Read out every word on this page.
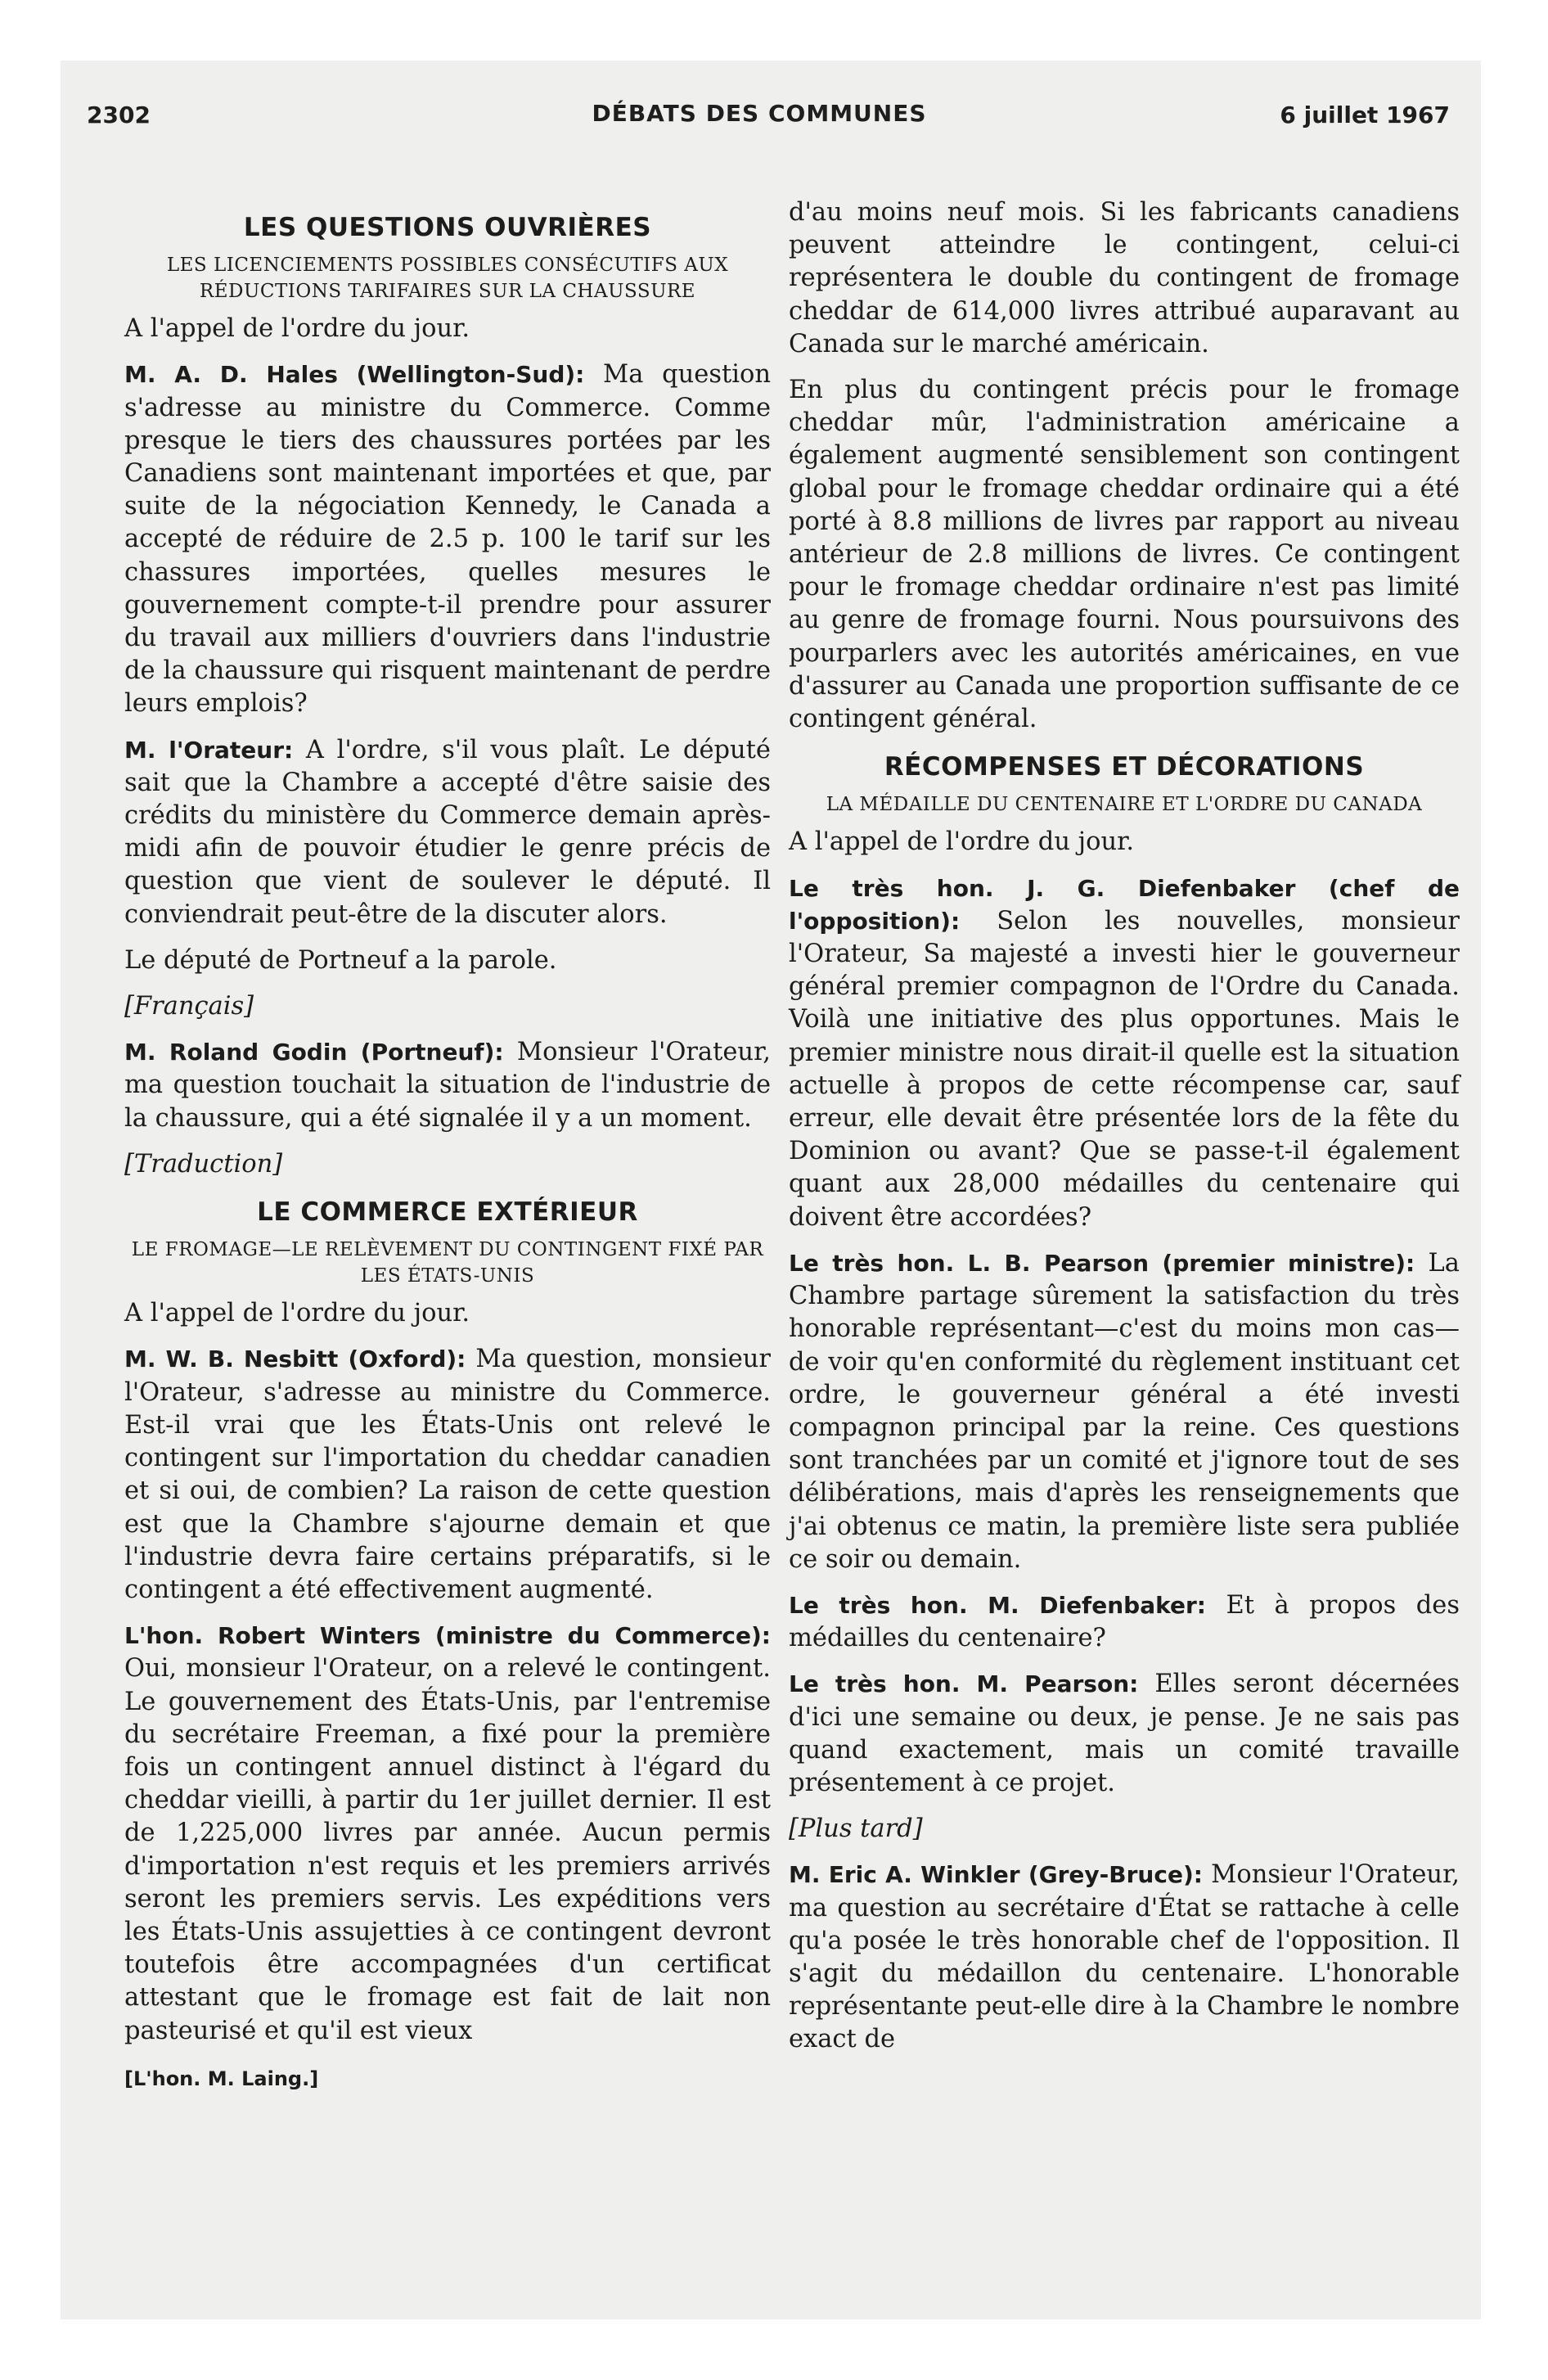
2302	DÉBATS DES COMMUNES	6 juillet 1967
LES QUESTIONS OUVRIÈRES
LES LICENCIEMENTS POSSIBLES CONSÉCUTIFS AUX RÉDUCTIONS TARIFAIRES SUR LA CHAUSSURE

A l'appel de l'ordre du jour.

M. A. D. Hales (Wellington-Sud): Ma question s'adresse au ministre du Commerce. Comme presque le tiers des chaussures portées par les Canadiens sont maintenant importées et que, par suite de la négociation Kennedy, le Canada a accepté de réduire de 2.5 p. 100 le tarif sur les chassures importées, quelles mesures le gouvernement compte-t-il prendre pour assurer du travail aux milliers d'ouvriers dans l'industrie de la chaussure qui risquent maintenant de perdre leurs emplois?

M. l'Orateur: A l'ordre, s'il vous plaît. Le député sait que la Chambre a accepté d'être saisie des crédits du ministère du Commerce demain après-midi afin de pouvoir étudier le genre précis de question que vient de soulever le député. Il conviendrait peut-être de la discuter alors.

Le député de Portneuf a la parole.

[Français]

M. Roland Godin (Portneuf): Monsieur l'Orateur, ma question touchait la situation de l'industrie de la chaussure, qui a été signalée il y a un moment.

[Traduction]

LE COMMERCE EXTÉRIEUR
LE FROMAGE—LE RELÈVEMENT DU CONTINGENT FIXÉ PAR LES ÉTATS-UNIS

A l'appel de l'ordre du jour.

M. W. B. Nesbitt (Oxford): Ma question, monsieur l'Orateur, s'adresse au ministre du Commerce. Est-il vrai que les États-Unis ont relevé le contingent sur l'importation du cheddar canadien et si oui, de combien? La raison de cette question est que la Chambre s'ajourne demain et que l'industrie devra faire certains préparatifs, si le contingent a été effectivement augmenté.

L'hon. Robert Winters (ministre du Commerce): Oui, monsieur l'Orateur, on a relevé le contingent. Le gouvernement des États-Unis, par l'entremise du secrétaire Freeman, a fixé pour la première fois un contingent annuel distinct à l'égard du cheddar vieilli, à partir du 1er juillet dernier. Il est de 1,225,000 livres par année. Aucun permis d'importation n'est requis et les premiers arrivés seront les premiers servis. Les expéditions vers les États-Unis assujetties à ce contingent devront toutefois être accompagnées d'un certificat attestant que le fromage est fait de lait non pasteurisé et qu'il est vieux

[L'hon. M. Laing.]

d'au moins neuf mois. Si les fabricants canadiens peuvent atteindre le contingent, celui-ci représentera le double du contingent de fromage cheddar de 614,000 livres attribué auparavant au Canada sur le marché américain.

En plus du contingent précis pour le fromage cheddar mûr, l'administration américaine a également augmenté sensiblement son contingent global pour le fromage cheddar ordinaire qui a été porté à 8.8 millions de livres par rapport au niveau antérieur de 2.8 millions de livres. Ce contingent pour le fromage cheddar ordinaire n'est pas limité au genre de fromage fourni. Nous poursuivons des pourparlers avec les autorités américaines, en vue d'assurer au Canada une proportion suffisante de ce contingent général.

RÉCOMPENSES ET DÉCORATIONS
LA MÉDAILLE DU CENTENAIRE ET L'ORDRE DU CANADA

A l'appel de l'ordre du jour.

Le très hon. J. G. Diefenbaker (chef de l'opposition): Selon les nouvelles, monsieur l'Orateur, Sa majesté a investi hier le gouverneur général premier compagnon de l'Ordre du Canada. Voilà une initiative des plus opportunes. Mais le premier ministre nous dirait-il quelle est la situation actuelle à propos de cette récompense car, sauf erreur, elle devait être présentée lors de la fête du Dominion ou avant? Que se passe-t-il également quant aux 28,000 médailles du centenaire qui doivent être accordées?

Le très hon. L. B. Pearson (premier ministre): La Chambre partage sûrement la satisfaction du très honorable représentant—c'est du moins mon cas—de voir qu'en conformité du règlement instituant cet ordre, le gouverneur général a été investi compagnon principal par la reine. Ces questions sont tranchées par un comité et j'ignore tout de ses délibérations, mais d'après les renseignements que j'ai obtenus ce matin, la première liste sera publiée ce soir ou demain.

Le très hon. M. Diefenbaker: Et à propos des médailles du centenaire?

Le très hon. M. Pearson: Elles seront décernées d'ici une semaine ou deux, je pense. Je ne sais pas quand exactement, mais un comité travaille présentement à ce projet.

[Plus tard]

M. Eric A. Winkler (Grey-Bruce): Monsieur l'Orateur, ma question au secrétaire d'État se rattache à celle qu'a posée le très honorable chef de l'opposition. Il s'agit du médaillon du centenaire. L'honorable représentante peut-elle dire à la Chambre le nombre exact de
